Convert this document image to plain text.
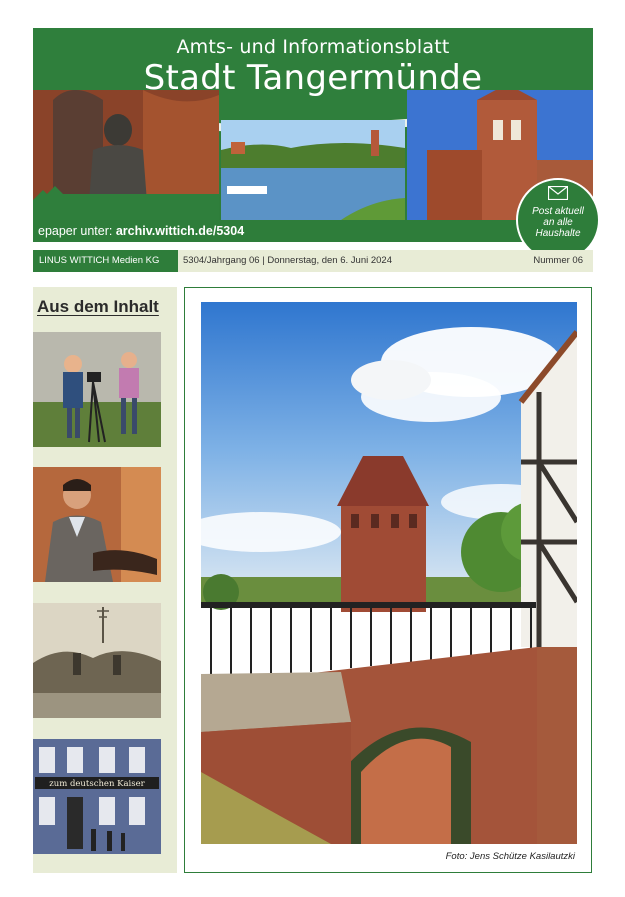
Amts- und Informationsblatt
Stadt Tangermünde
epaper unter: archiv.wittich.de/5304
Post aktuell
an alle
Haushalte
LINUS WITTICH Medien KG	5304/Jahrgang 06 | Donnerstag, den 6. Juni 2024	Nummer 06
Aus dem Inhalt
zum deutschen Kaiser
Foto: Jens Schütze Kasilautzki
